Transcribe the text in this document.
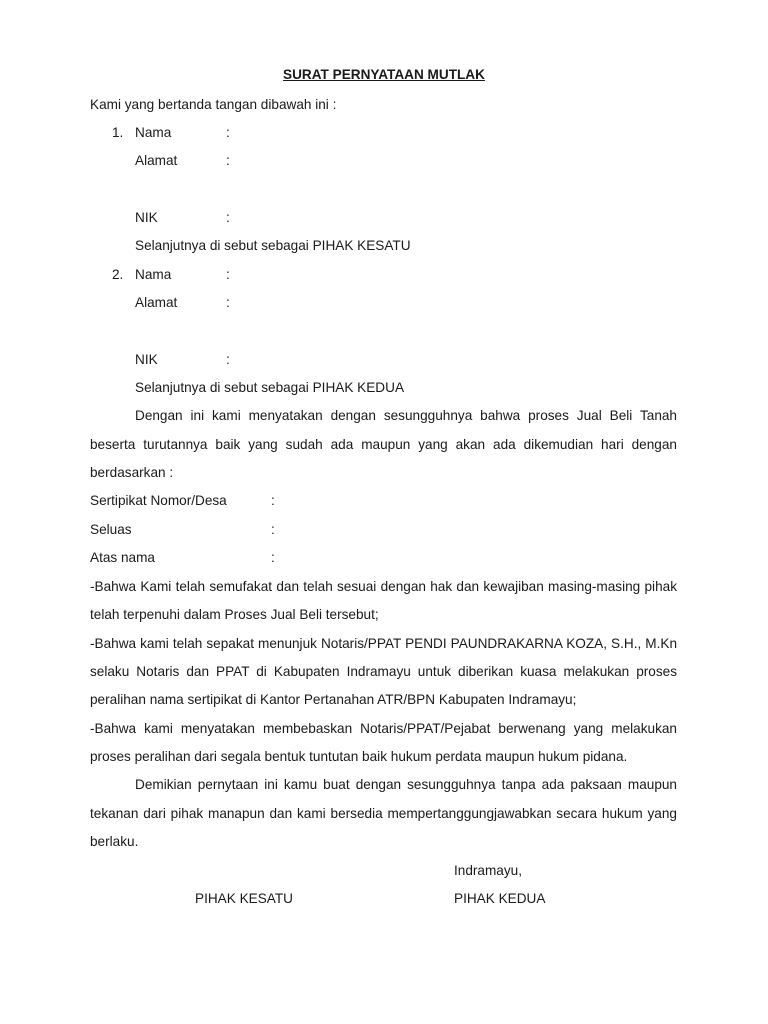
SURAT PERNYATAAN MUTLAK
Kami yang bertanda tangan dibawah ini :
1. Nama	:
Alamat	:
NIK	:
Selanjutnya di sebut sebagai PIHAK KESATU
2. Nama	:
Alamat	:
NIK	:
Selanjutnya di sebut sebagai PIHAK KEDUA
Dengan ini kami menyatakan dengan sesungguhnya bahwa proses Jual Beli Tanah
beserta turutannya baik yang sudah ada maupun yang akan ada dikemudian hari dengan
berdasarkan :
Sertipikat Nomor/Desa	:
Seluas	:
Atas nama	:
-Bahwa Kami telah semufakat dan telah sesuai dengan hak dan kewajiban masing-masing pihak
telah terpenuhi dalam Proses Jual Beli tersebut;
-Bahwa kami telah sepakat menunjuk Notaris/PPAT PENDI PAUNDRAKARNA KOZA, S.H., M.Kn
selaku Notaris dan PPAT di Kabupaten Indramayu untuk diberikan kuasa melakukan proses
peralihan nama sertipikat di Kantor Pertanahan ATR/BPN Kabupaten Indramayu;
-Bahwa kami menyatakan membebaskan Notaris/PPAT/Pejabat berwenang yang melakukan
proses peralihan dari segala bentuk tuntutan baik hukum perdata maupun hukum pidana.
Demikian pernytaan ini kamu buat dengan sesungguhnya tanpa ada paksaan maupun
tekanan dari pihak manapun dan kami bersedia mempertanggungjawabkan secara hukum yang
berlaku.
Indramayu,
PIHAK KESATU	PIHAK KEDUA
